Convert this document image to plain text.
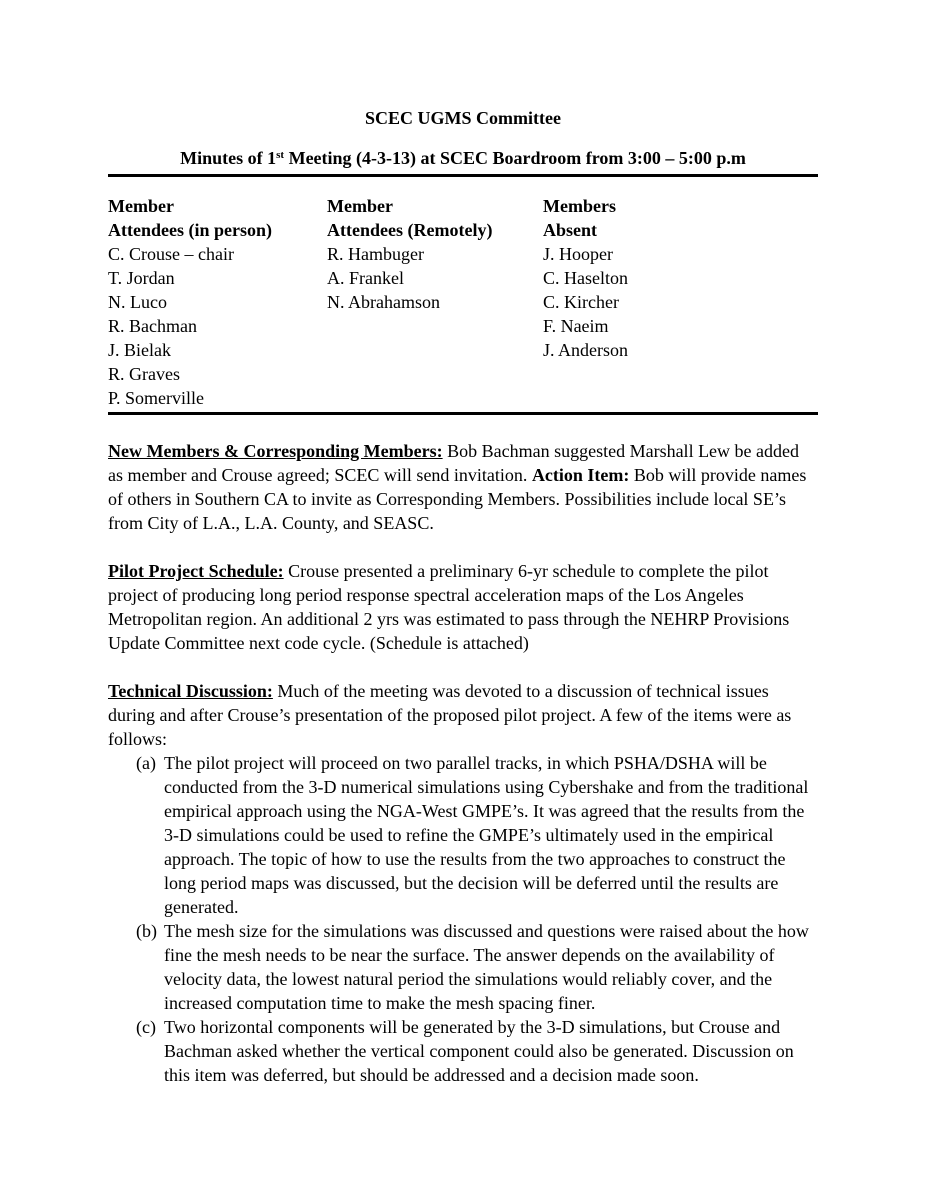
SCEC UGMS Committee
Minutes of 1st Meeting (4-3-13) at SCEC Boardroom from 3:00 – 5:00 p.m
Member
Attendees (in person)
C. Crouse – chair
T. Jordan
N. Luco
R. Bachman
J. Bielak
R. Graves
P. Somerville
Member
Attendees (Remotely)
R. Hambuger
A. Frankel
N. Abrahamson
Members
Absent
J. Hooper
C. Haselton
C. Kircher
F. Naeim
J. Anderson

New Members & Corresponding Members: Bob Bachman suggested Marshall Lew be added as member and Crouse agreed; SCEC will send invitation. Action Item: Bob will provide names of others in Southern CA to invite as Corresponding Members. Possibilities include local SE’s from City of L.A., L.A. County, and SEASC.

Pilot Project Schedule: Crouse presented a preliminary 6-yr schedule to complete the pilot project of producing long period response spectral acceleration maps of the Los Angeles Metropolitan region. An additional 2 yrs was estimated to pass through the NEHRP Provisions Update Committee next code cycle. (Schedule is attached)

Technical Discussion: Much of the meeting was devoted to a discussion of technical issues during and after Crouse’s presentation of the proposed pilot project. A few of the items were as follows:

(a) The pilot project will proceed on two parallel tracks, in which PSHA/DSHA will be conducted from the 3-D numerical simulations using Cybershake and from the traditional empirical approach using the NGA-West GMPE’s. It was agreed that the results from the 3-D simulations could be used to refine the GMPE’s ultimately used in the empirical approach. The topic of how to use the results from the two approaches to construct the long period maps was discussed, but the decision will be deferred until the results are generated.
(b) The mesh size for the simulations was discussed and questions were raised about the how fine the mesh needs to be near the surface. The answer depends on the availability of velocity data, the lowest natural period the simulations would reliably cover, and the increased computation time to make the mesh spacing finer.
(c) Two horizontal components will be generated by the 3-D simulations, but Crouse and Bachman asked whether the vertical component could also be generated. Discussion on this item was deferred, but should be addressed and a decision made soon.
